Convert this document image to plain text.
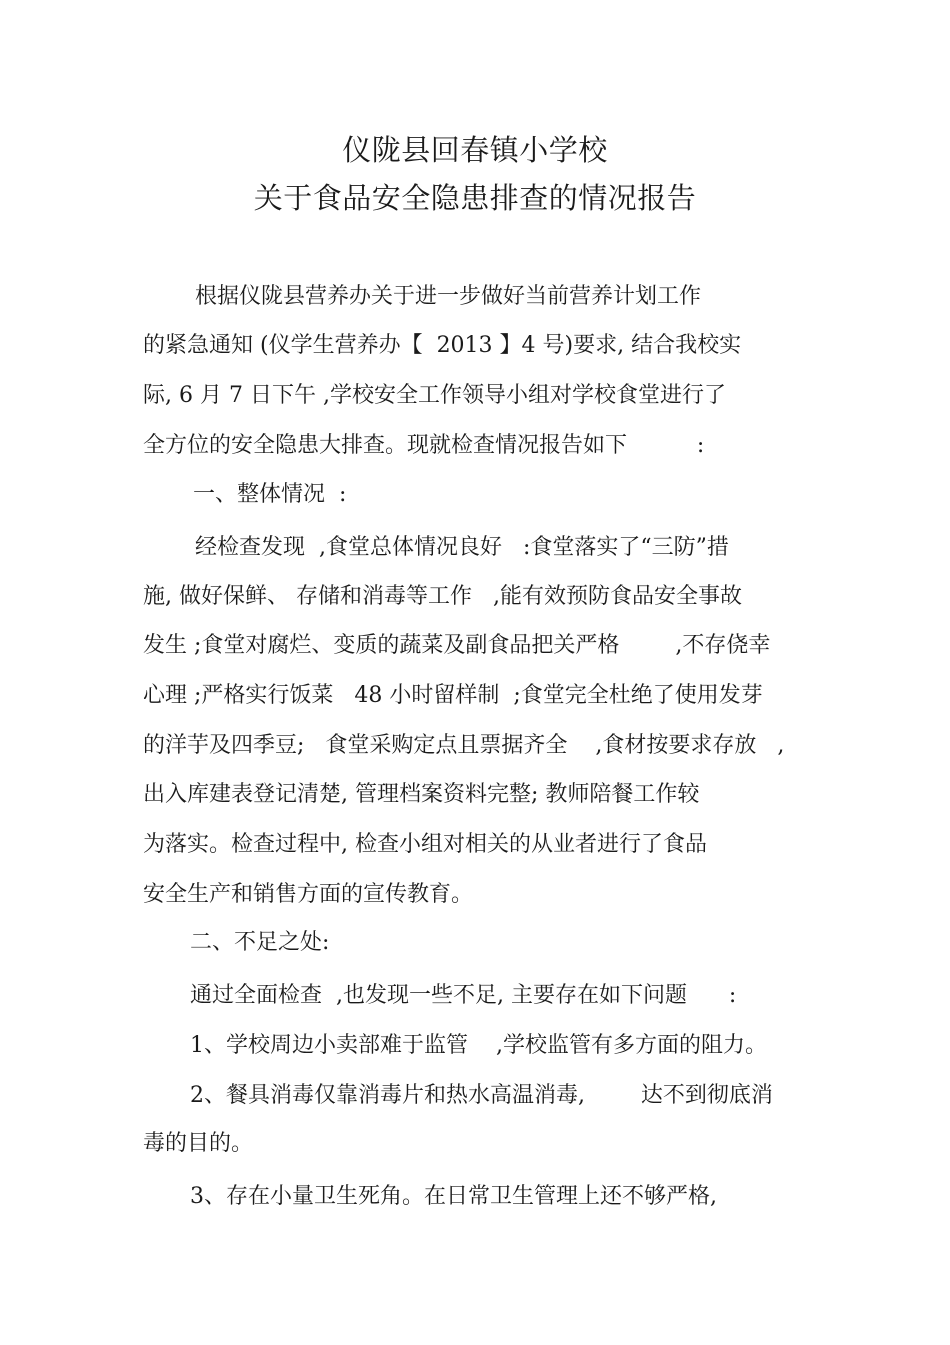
仪陇县回春镇小学校
关于食品安全隐患排查的情况报告
根据仪陇县营养办关于进一步做好当前营养计划工作
的紧急通知 (仪学生营养办【  2013 】4 号)要求, 结合我校实
际, 6 月 7 日下午 ,学校安全工作领导小组对学校食堂进行了
全方位的安全隐患大排查。现就检查情况报告如下          :
一、整体情况  :
经检查发现  ,食堂总体情况良好   :食堂落实了“三防”措
施, 做好保鲜、 存储和消毒等工作   ,能有效预防食品安全事故
发生 ;食堂对腐烂、变质的蔬菜及副食品把关严格        ,不存侥幸
心理 ;严格实行饭菜   48 小时留样制  ;食堂完全杜绝了使用发芽
的洋芋及四季豆;   食堂采购定点且票据齐全    ,食材按要求存放   ,
出入库建表登记清楚, 管理档案资料完整; 教师陪餐工作较
为落实。检查过程中, 检查小组对相关的从业者进行了食品
安全生产和销售方面的宣传教育。
二、不足之处:
通过全面检查  ,也发现一些不足, 主要存在如下问题      :
1、学校周边小卖部难于监管    ,学校监管有多方面的阻力。
2、餐具消毒仅靠消毒片和热水高温消毒,        达不到彻底消
毒的目的。
3、存在小量卫生死角。在日常卫生管理上还不够严格,
